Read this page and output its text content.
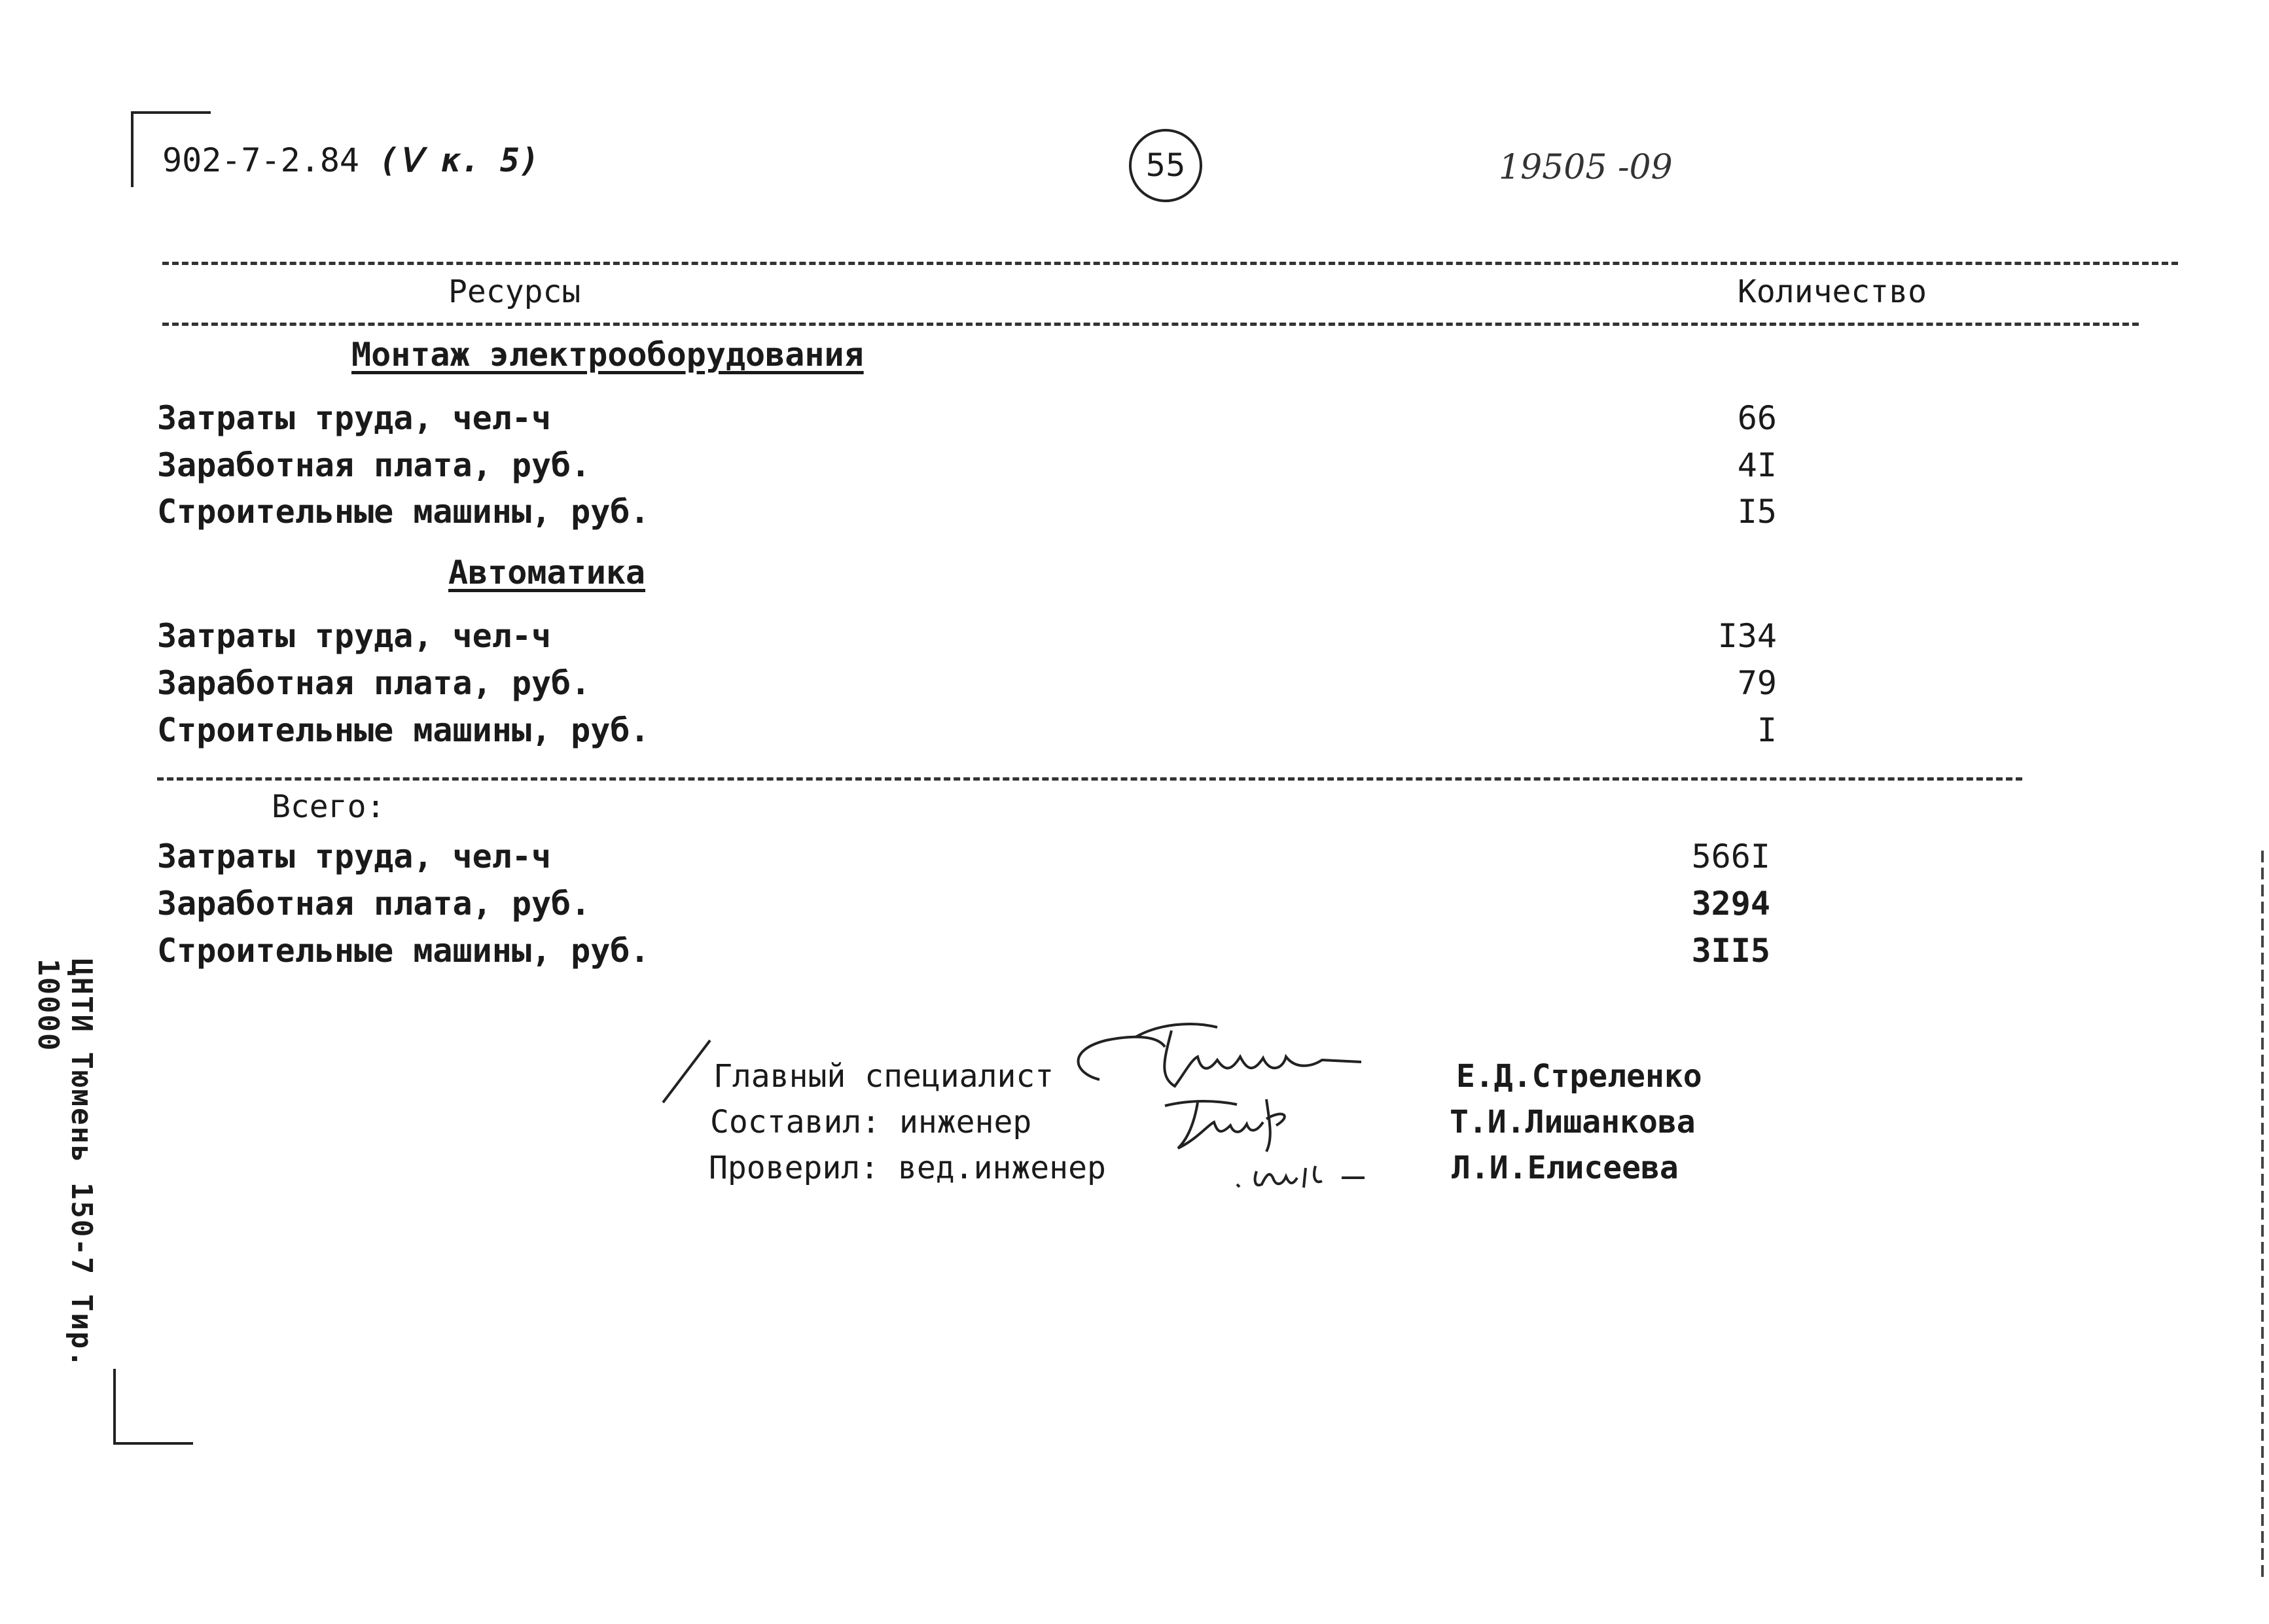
902-7-2.84 (Ⅴ к. 5)	55	19505 -09
Ресурсы	Количество
Монтаж электрооборудования
Затраты труда, чел-ч	66
Заработная плата, руб.	4I
Строительные машины, руб.	I5
Автоматика
Затраты труда, чел-ч	I34
Заработная плата, руб.	79
Строительные машины, руб.	I
Всего:
Затраты труда, чел-ч	566I
Заработная плата, руб.	3294
Строительные машины, руб.	3II5
Главный специалист	Е.Д.Стреленко
Составил: инженер	Т.И.Лишанкова
Проверил: вед.инженер	Л.И.Елисеева
ЦНТИ Тюмень 150-7 Тир. 10000
